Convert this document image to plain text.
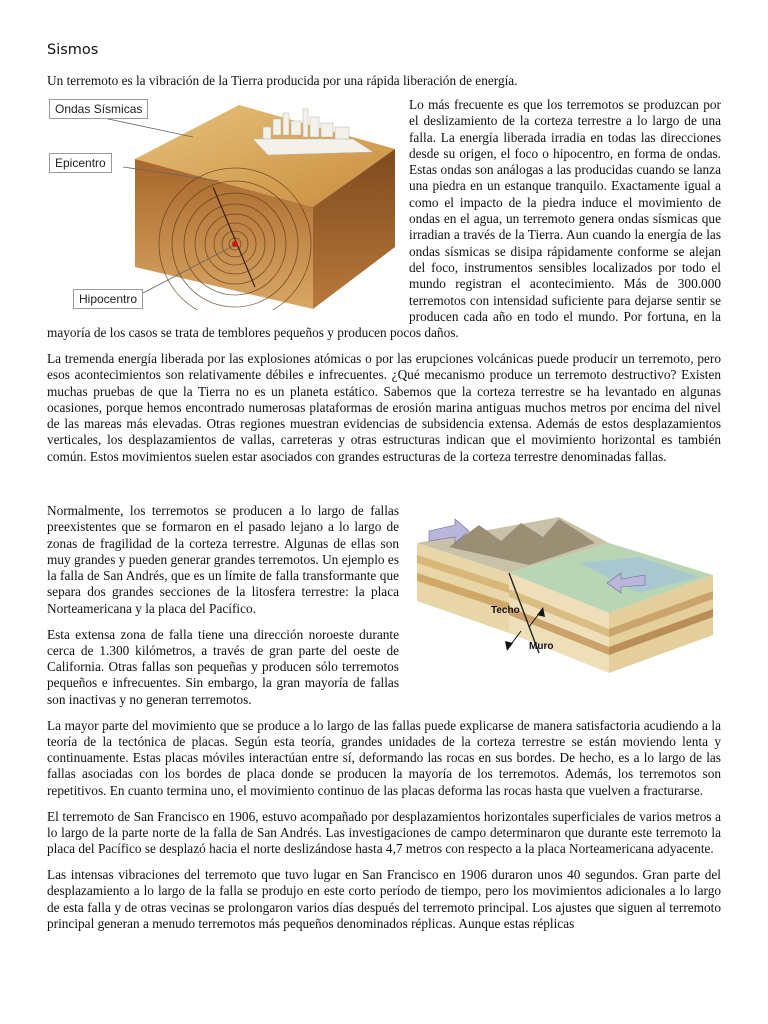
Sismos

Un terremoto es la vibración de la Tierra producida por una rápida liberación de energía.

Ondas Sísmicas
Epicentro
Hipocentro

Lo más frecuente es que los terremotos se produzcan por el deslizamiento de la corteza terrestre a lo largo de una falla. La energía liberada irradia en todas las direcciones desde su origen, el foco o hipocentro, en forma de ondas. Estas ondas son análogas a las producidas cuando se lanza una piedra en un estanque tranquilo. Exactamente igual a como el impacto de la piedra induce el movimiento de ondas en el agua, un terremoto genera ondas sísmicas que irradian a través de la Tierra. Aun cuando la energía de las ondas sísmicas se disipa rápidamente conforme se alejan del foco, instrumentos sensibles localizados por todo el mundo registran el acontecimiento. Más de 300.000 terremotos con intensidad suficiente para dejarse sentir se producen cada año en todo el mundo. Por fortuna, en la mayoría de los casos se trata de temblores pequeños y producen pocos daños.

La tremenda energía liberada por las explosiones atómicas o por las erupciones volcánicas puede producir un terremoto, pero esos acontecimientos son relativamente débiles e infrecuentes. ¿Qué mecanismo produce un terremoto destructivo? Existen muchas pruebas de que la Tierra no es un planeta estático. Sabemos que la corteza terrestre se ha levantado en algunas ocasiones, porque hemos encontrado numerosas plataformas de erosión marina antiguas muchos metros por encima del nivel de las mareas más elevadas. Otras regiones muestran evidencias de subsidencia extensa. Además de estos desplazamientos verticales, los desplazamientos de vallas, carreteras y otras estructuras indican que el movimiento horizontal es también común. Estos movimientos suelen estar asociados con grandes estructuras de la corteza terrestre denominadas fallas.

Techo
Muro

Normalmente, los terremotos se producen a lo largo de fallas preexistentes que se formaron en el pasado lejano a lo largo de zonas de fragilidad de la corteza terrestre. Algunas de ellas son muy grandes y pueden generar grandes terremotos. Un ejemplo es la falla de San Andrés, que es un límite de falla transformante que separa dos grandes secciones de la litosfera terrestre: la placa Norteamericana y la placa del Pacífico.

Esta extensa zona de falla tiene una dirección noroeste durante cerca de 1.300 kilómetros, a través de gran parte del oeste de California. Otras fallas son pequeñas y producen sólo terremotos pequeños e infrecuentes. Sin embargo, la gran mayoría de fallas son inactivas y no generan terremotos.

La mayor parte del movimiento que se produce a lo largo de las fallas puede explicarse de manera satisfactoria acudiendo a la teoría de la tectónica de placas. Según esta teoría, grandes unidades de la corteza terrestre se están moviendo lenta y continuamente. Estas placas móviles interactúan entre sí, deformando las rocas en sus bordes. De hecho, es a lo largo de las fallas asociadas con los bordes de placa donde se producen la mayoría de los terremotos. Además, los terremotos son repetitivos. En cuanto termina uno, el movimiento continuo de las placas deforma las rocas hasta que vuelven a fracturarse.

El terremoto de San Francisco en 1906, estuvo acompañado por desplazamientos horizontales superficiales de varios metros a lo largo de la parte norte de la falla de San Andrés. Las investigaciones de campo determinaron que durante este terremoto la placa del Pacífico se desplazó hacia el norte deslizándose hasta 4,7 metros con respecto a la placa Norteamericana adyacente.

Las intensas vibraciones del terremoto que tuvo lugar en San Francisco en 1906 duraron unos 40 segundos. Gran parte del desplazamiento a lo largo de la falla se produjo en este corto período de tiempo, pero los movimientos adicionales a lo largo de esta falla y de otras vecinas se prolongaron varios días después del terremoto principal. Los ajustes que siguen al terremoto principal generan a menudo terremotos más pequeños denominados réplicas. Aunque estas réplicas
